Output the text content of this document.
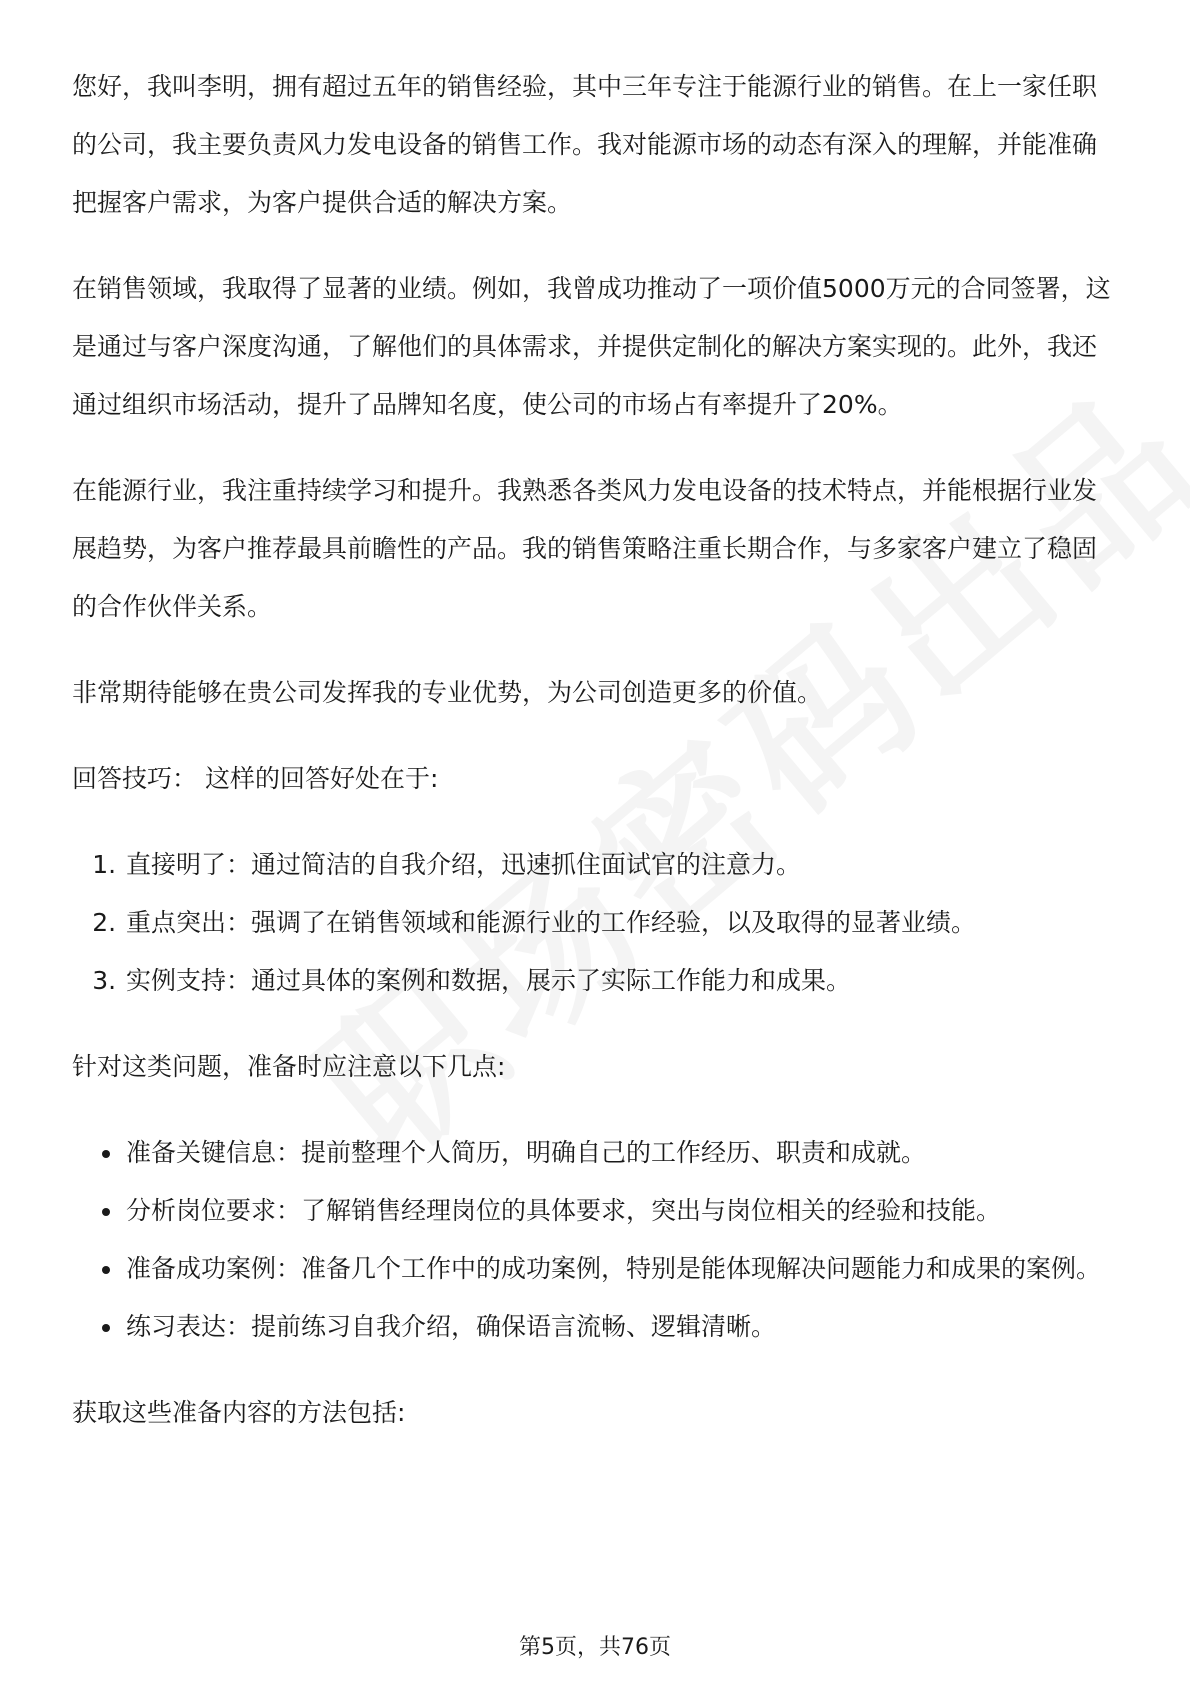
您好，我叫李明，拥有超过五年的销售经验，其中三年专注于能源行业的销售。在上一家任职的公司，我主要负责风力发电设备的销售工作。我对能源市场的动态有深入的理解，并能准确把握客户需求，为客户提供合适的解决方案。

在销售领域，我取得了显著的业绩。例如，我曾成功推动了一项价值5000万元的合同签署，这是通过与客户深度沟通，了解他们的具体需求，并提供定制化的解决方案实现的。此外，我还通过组织市场活动，提升了品牌知名度，使公司的市场占有率提升了20%。

在能源行业，我注重持续学习和提升。我熟悉各类风力发电设备的技术特点，并能根据行业发展趋势，为客户推荐最具前瞻性的产品。我的销售策略注重长期合作，与多家客户建立了稳固的合作伙伴关系。

非常期待能够在贵公司发挥我的专业优势，为公司创造更多的价值。

回答技巧： 这样的回答好处在于:

1. 直接明了：通过简洁的自我介绍，迅速抓住面试官的注意力。
2. 重点突出：强调了在销售领域和能源行业的工作经验，以及取得的显著业绩。
3. 实例支持：通过具体的案例和数据，展示了实际工作能力和成果。

针对这类问题，准备时应注意以下几点:

• 准备关键信息：提前整理个人简历，明确自己的工作经历、职责和成就。
• 分析岗位要求：了解销售经理岗位的具体要求，突出与岗位相关的经验和技能。
• 准备成功案例：准备几个工作中的成功案例，特别是能体现解决问题能力和成果的案例。
• 练习表达：提前练习自我介绍，确保语言流畅、逻辑清晰。

获取这些准备内容的方法包括:

第5页，共76页
